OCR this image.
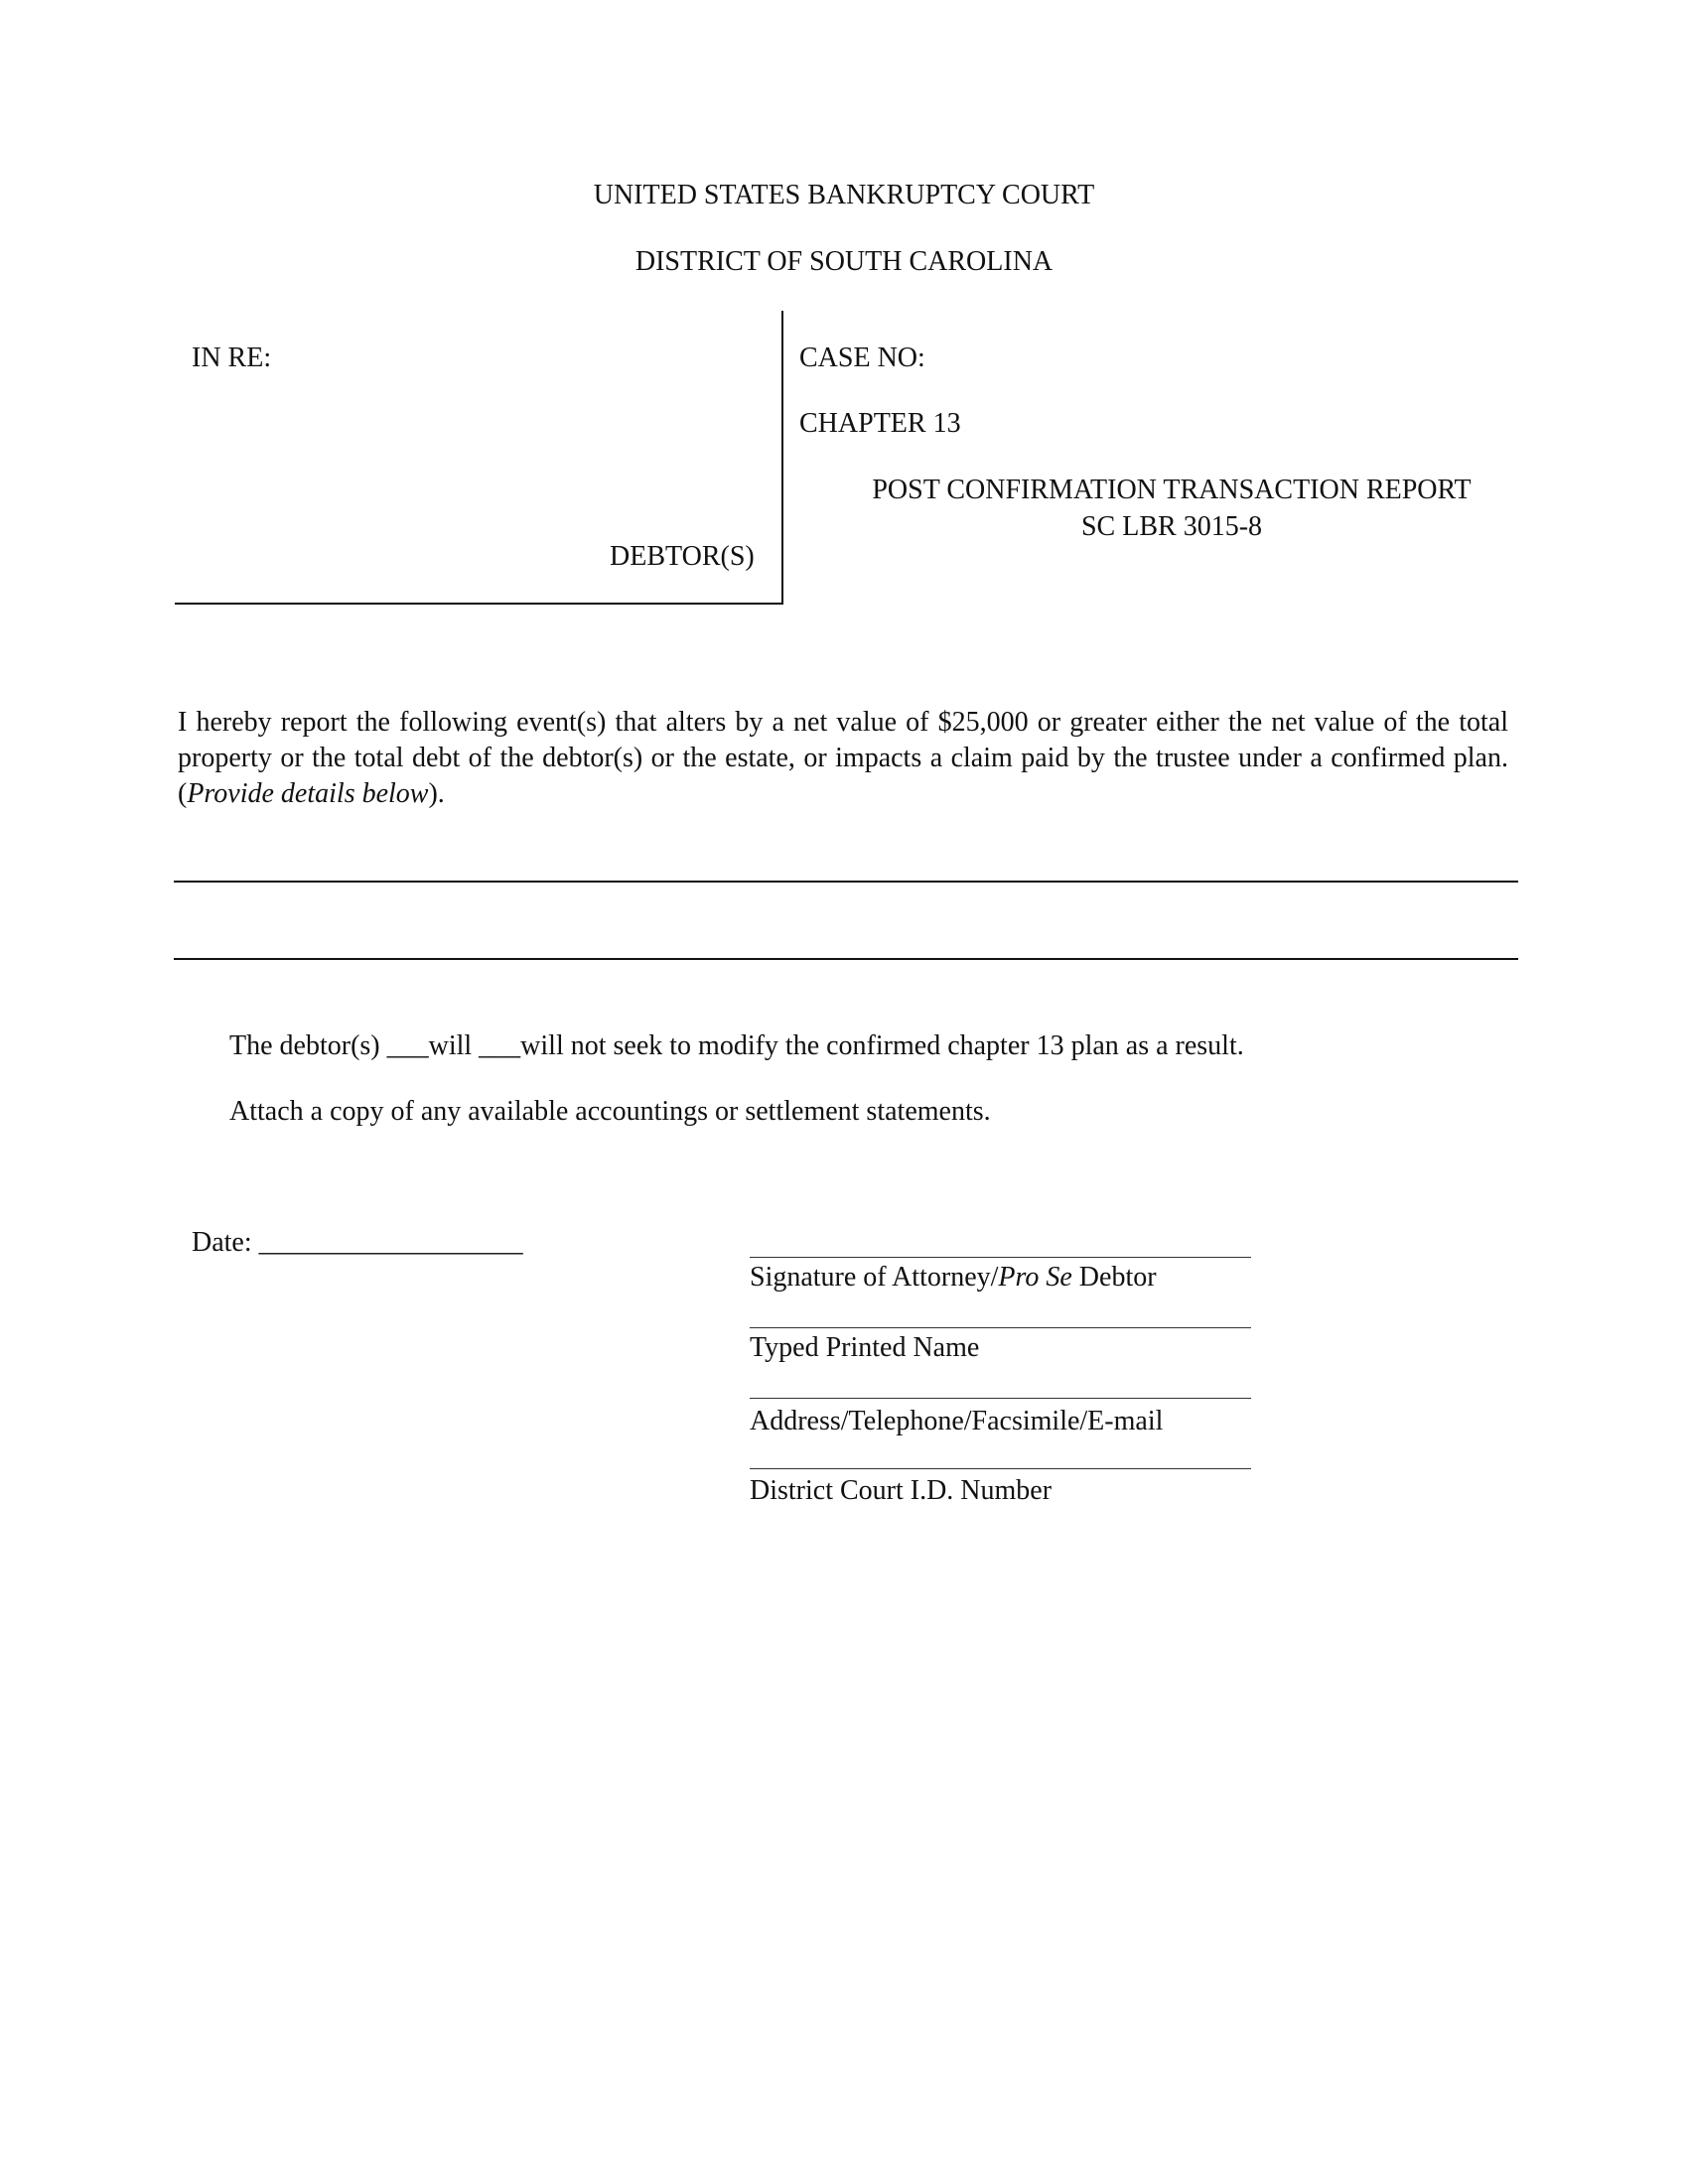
UNITED STATES BANKRUPTCY COURT
DISTRICT OF SOUTH CAROLINA
IN RE:
DEBTOR(S)
CASE NO:
CHAPTER 13
POST CONFIRMATION TRANSACTION REPORT
SC LBR 3015-8
I hereby report the following event(s) that alters by a net value of $25,000 or greater either the net value of the total property or the total debt of the debtor(s) or the estate, or impacts a claim paid by the trustee under a confirmed plan. (Provide details below).
The debtor(s) ___will ___will not seek to modify the confirmed chapter 13 plan as a result.
Attach a copy of any available accountings or settlement statements.
Date: ___________________
Signature of Attorney/Pro Se Debtor
Typed Printed Name
Address/Telephone/Facsimile/E-mail
District Court I.D. Number
